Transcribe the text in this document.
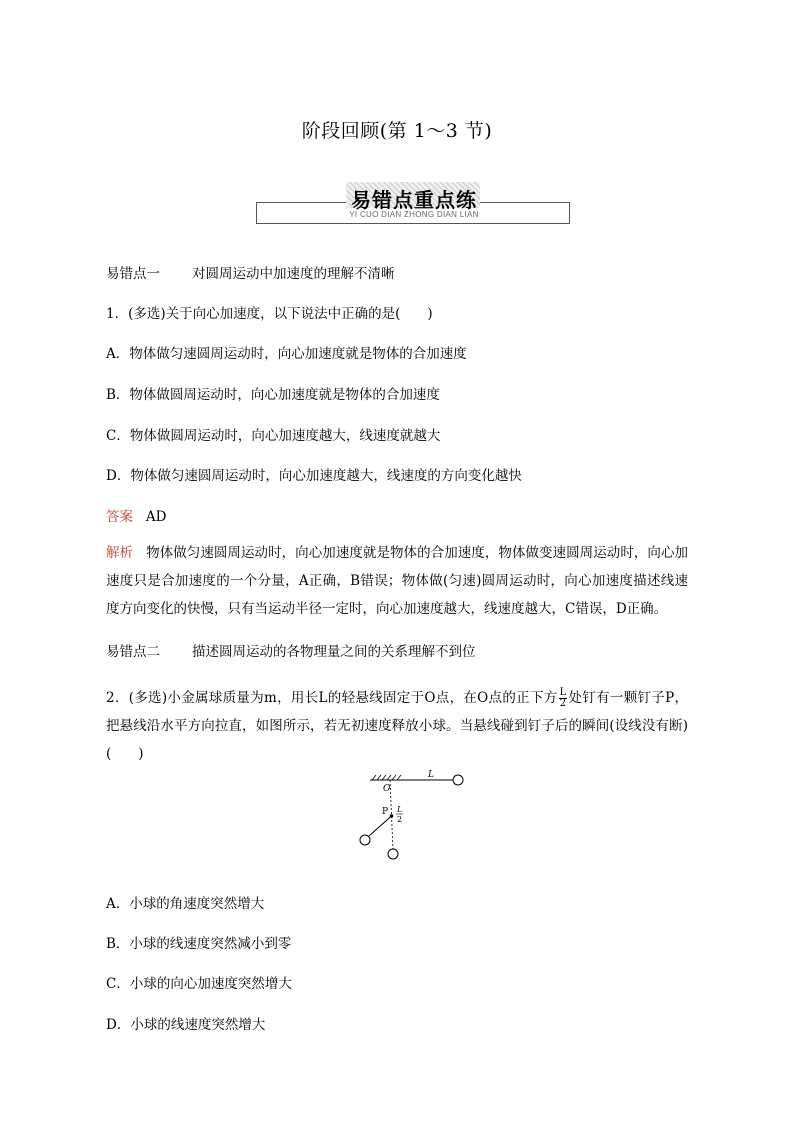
阶段回顾(第 1～3 节)
易错点重点练
YI CUO DIAN ZHONG DIAN LIAN
易错点一 对圆周运动中加速度的理解不清晰
1．(多选)关于向心加速度，以下说法中正确的是(　　)
A．物体做匀速圆周运动时，向心加速度就是物体的合加速度
B．物体做圆周运动时，向心加速度就是物体的合加速度
C．物体做圆周运动时，向心加速度越大，线速度就越大
D．物体做匀速圆周运动时，向心加速度越大，线速度的方向变化越快
答案 AD
解析 物体做匀速圆周运动时，向心加速度就是物体的合加速度，物体做变速圆周运动时，向心加速度只是合加速度的一个分量，A正确，B错误；物体做(匀速)圆周运动时，向心加速度描述线速度方向变化的快慢，只有当运动半径一定时，向心加速度越大，线速度越大，C错误，D正确。
易错点二 描述圆周运动的各物理量之间的关系理解不到位
2．(多选)小金属球质量为m，用长L的轻悬线固定于O点，在O点的正下方 $\frac{L}{2}$ 处钉有一颗钉子P，把悬线沿水平方向拉直，如图所示，若无初速度释放小球。当悬线碰到钉子后的瞬间(设线没有断)(　　)
L
O
P L
2
A．小球的角速度突然增大
B．小球的线速度突然减小到零
C．小球的向心加速度突然增大
D．小球的线速度突然增大
